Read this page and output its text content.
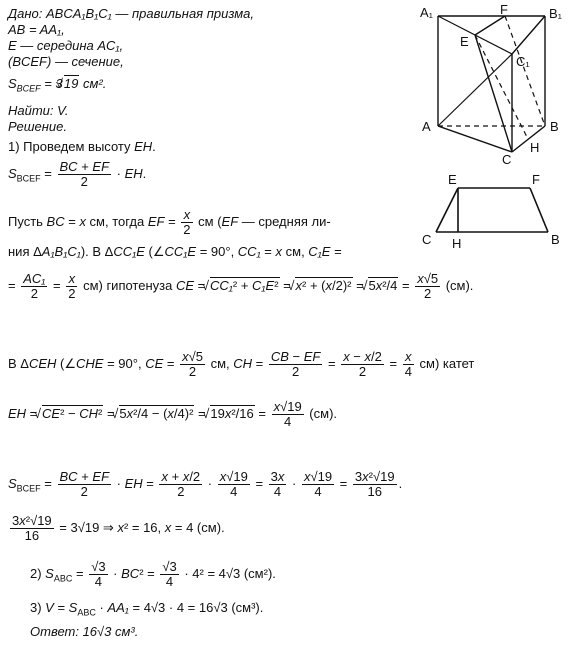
Дано: ABCA₁B₁C₁ — правильная призма,
AB = AA₁,
E — середина AC₁,
(BCEF) — сечение,
$S_{BCEF} = 3√$ 19 см².
Найти: V.
Решение.
1) Проведем высоту EH.
$S_{BCEF} = \frac{BC + EF}{2}$ · EH.
Пусть BC = x см, тогда EF = $\frac{x}{2}$ см (EF — средняя ли-
ния ΔA₁B₁C₁). В ΔCC₁E (∠CC₁E = 90°, CC₁ = x см, C₁E =
= $\frac{\text{AC₁}}{2} = \frac{x}{2} см$) гипотенуза CE = √ CC₁² + C₁E² = √ x² + (x/2)² = √ $5x^2/4 = \frac{x√5}{2} (см)$.
В ΔCEH (∠CHE = 90°, CE = $\frac{x√5}{2}$ см, CH = $\frac{CB - EF}{2} = \frac{x - x/2}{2} = \frac{x}{4} см$) катет
EH = √ CE² − CH² = √ 5x²/4 − (x/4)² = √ $19x^2/16 = \frac{x√19}{4} (см)$.
$S_{BCEF} = \frac{BC + EF}{2}$ · EH = $\frac{x + x/2}{2} \cdot \frac{x√19}{4} = \frac{3x}{4} \cdot \frac{x√19}{4} = \frac{\text{3x²√19}}{16}$ .
$\frac{\text{3x²√19}}{16} = 3√19$ ⇒ x² = 16, x = 4 (см).
2) $S_{ABC} = \frac{√3}{4} \cdot BC^2 = \frac{√3}{4} \cdot 4^2 = 4√3$ (см²).
3) $V = S_{ABC} \cdot AA_1 = 4√3 \cdot 4 = 16√3$ (см³).
Ответ: 16√3 см³.
A₁	F	B₁
E
C₁
A	B
C
H
E	F
C H	B
